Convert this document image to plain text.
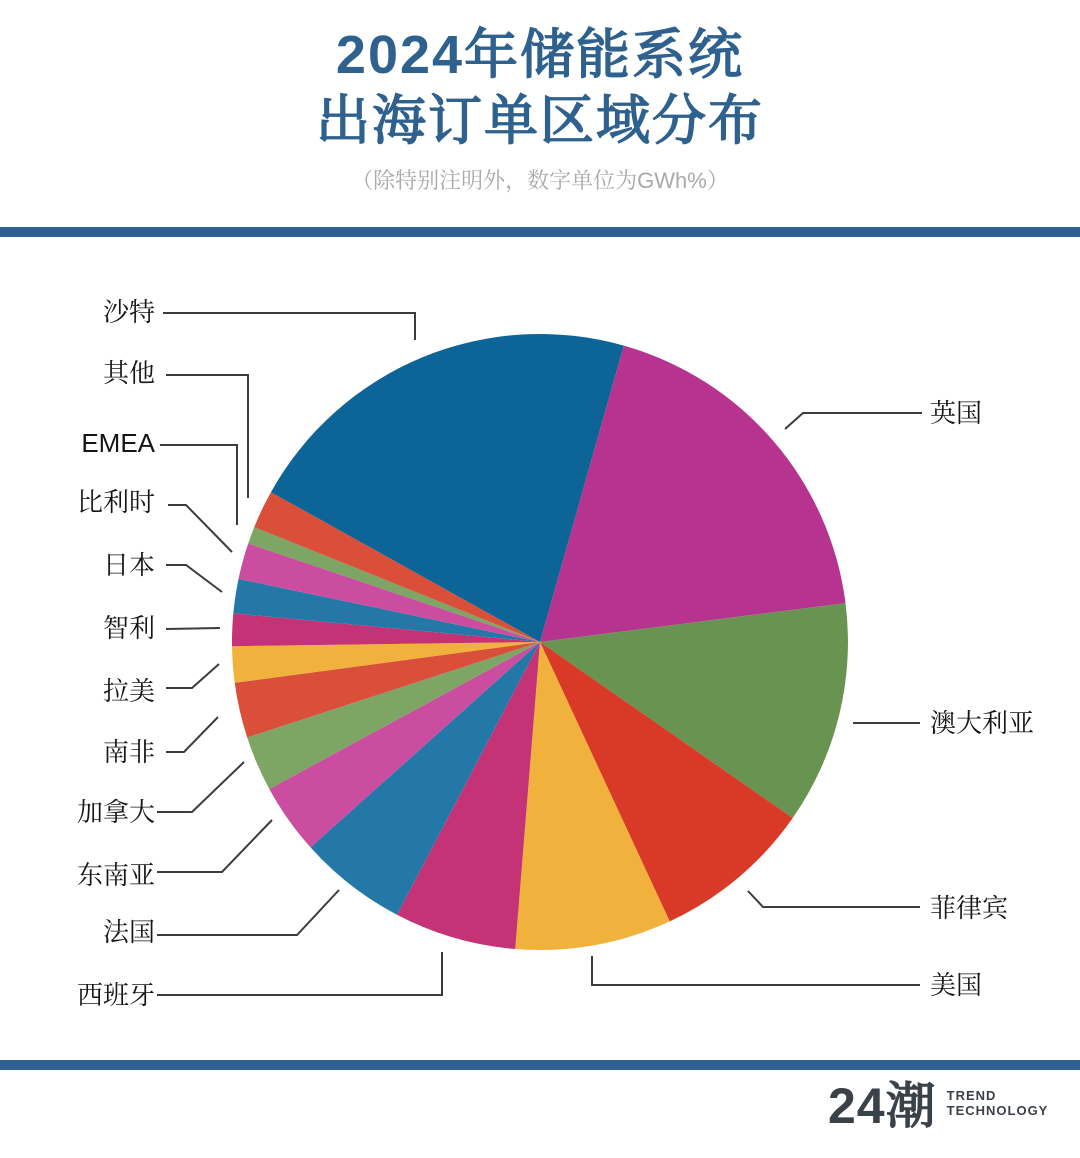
2024年储能系统
出海订单区域分布
（除特别注明外，数字单位为GWh%）
沙特
其他
EMEA
比利时
日本
智利
拉美
南非
加拿大
东南亚
法国
西班牙
英国
澳大利亚
菲律宾
美国
24潮 TREND
TECHNOLOGY
